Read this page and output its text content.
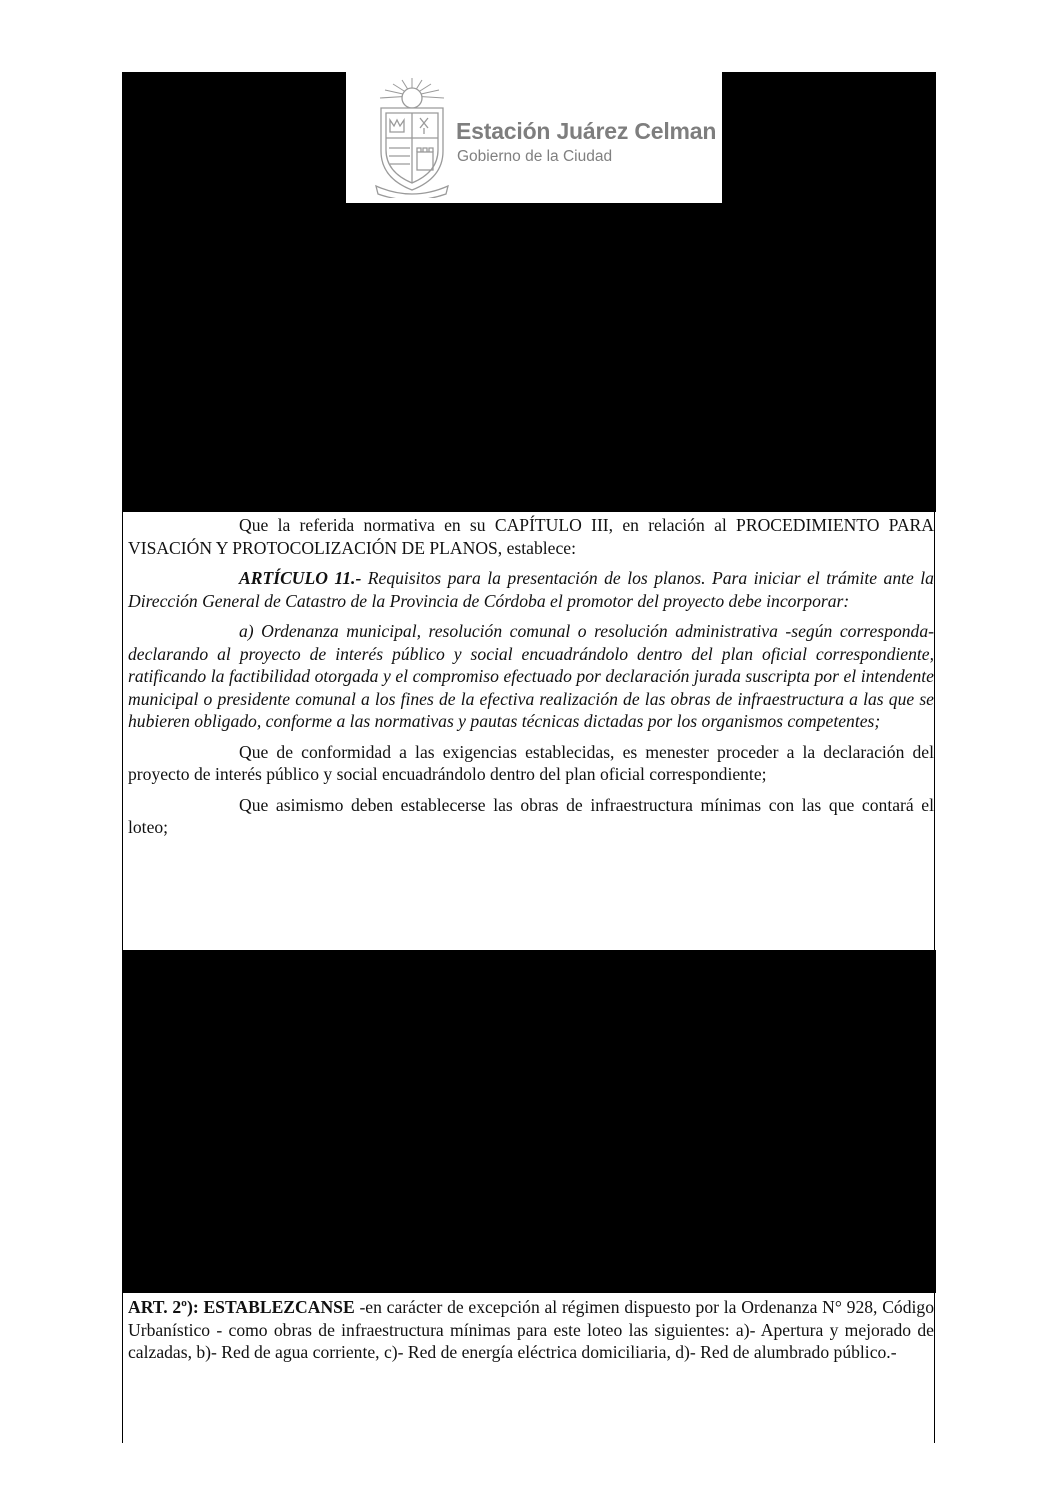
Estación Juárez Celman
Gobierno de la Ciudad

Que la referida normativa en su CAPÍTULO III, en relación al PROCEDIMIENTO PARA VISACIÓN Y PROTOCOLIZACIÓN DE PLANOS, establece:

ARTÍCULO 11.- Requisitos para la presentación de los planos. Para iniciar el trámite ante la Dirección General de Catastro de la Provincia de Córdoba el promotor del proyecto debe incorporar:

a) Ordenanza municipal, resolución comunal o resolución administrativa -según corresponda- declarando al proyecto de interés público y social encuadrándolo dentro del plan oficial correspondiente, ratificando la factibilidad otorgada y el compromiso efectuado por declaración jurada suscripta por el intendente municipal o presidente comunal a los fines de la efectiva realización de las obras de infraestructura a las que se hubieren obligado, conforme a las normativas y pautas técnicas dictadas por los organismos competentes;

Que de conformidad a las exigencias establecidas, es menester proceder a la declaración del proyecto de interés público y social encuadrándolo dentro del plan oficial correspondiente;

Que asimismo deben establecerse las obras de infraestructura mínimas con las que contará el loteo;

ART. 2º): ESTABLEZCANSE -en carácter de excepción al régimen dispuesto por la Ordenanza N° 928, Código Urbanístico - como obras de infraestructura mínimas para este loteo las siguientes: a)- Apertura y mejorado de calzadas, b)- Red de agua corriente, c)- Red de energía eléctrica domiciliaria, d)- Red de alumbrado público.-
